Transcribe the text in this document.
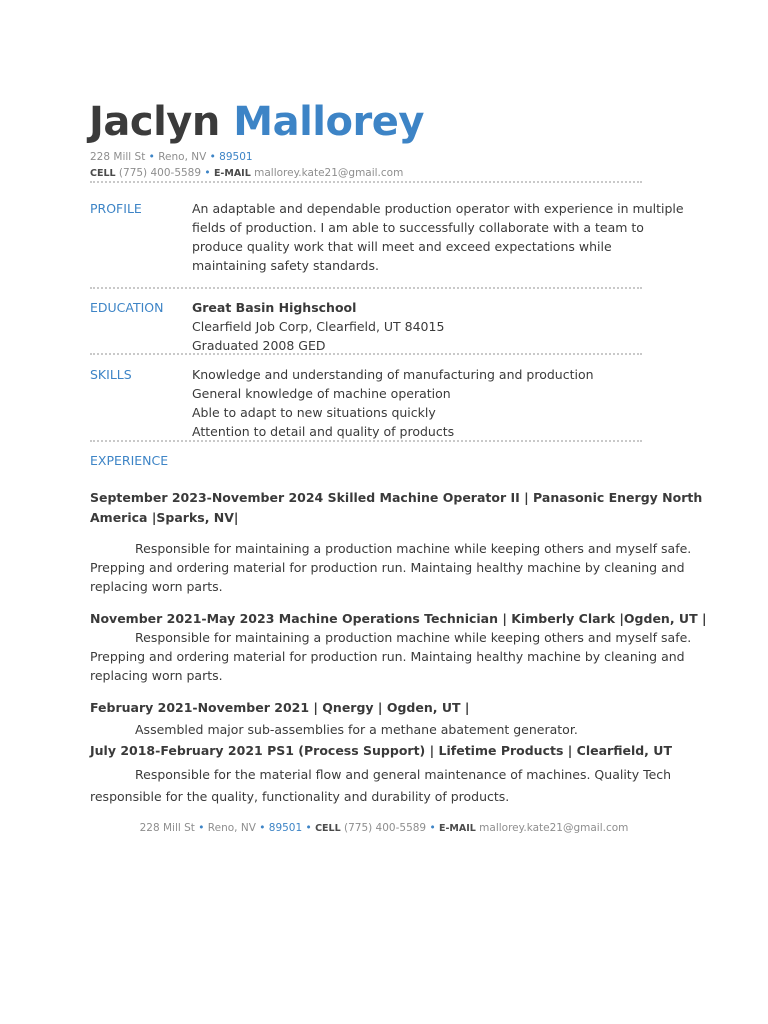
Jaclyn Mallorey
228 Mill St • Reno, NV • 89501
CELL (775) 400-5589 • E-MAIL mallorey.kate21@gmail.com
PROFILE	An adaptable and dependable production operator with experience in multiple
fields of production. I am able to successfully collaborate with a team to
produce quality work that will meet and exceed expectations while
maintaining safety standards.
EDUCATION Great Basin Highschool
Clearfield Job Corp, Clearfield, UT 84015
Graduated 2008 GED
SKILLS	Knowledge and understanding of manufacturing and production
General knowledge of machine operation
Able to adapt to new situations quickly
Attention to detail and quality of products
EXPERIENCE
September 2023-November 2024 Skilled Machine Operator II | Panasonic Energy North
America |Sparks, NV|
Responsible for maintaining a production machine while keeping others and myself safe.
Prepping and ordering material for production run. Maintaing healthy machine by cleaning and
replacing worn parts.
November 2021-May 2023 Machine Operations Technician | Kimberly Clark |Ogden, UT |
Responsible for maintaining a production machine while keeping others and myself safe.
Prepping and ordering material for production run. Maintaing healthy machine by cleaning and
replacing worn parts.
February 2021-November 2021 | Qnergy | Ogden, UT |
Assembled major sub-assemblies for a methane abatement generator.
July 2018-February 2021 PS1 (Process Support) | Lifetime Products | Clearfield, UT
Responsible for the material flow and general maintenance of machines. Quality Tech
responsible for the quality, functionality and durability of products.
228 Mill St • Reno, NV • 89501 • CELL (775) 400-5589 • E-MAIL mallorey.kate21@gmail.com
